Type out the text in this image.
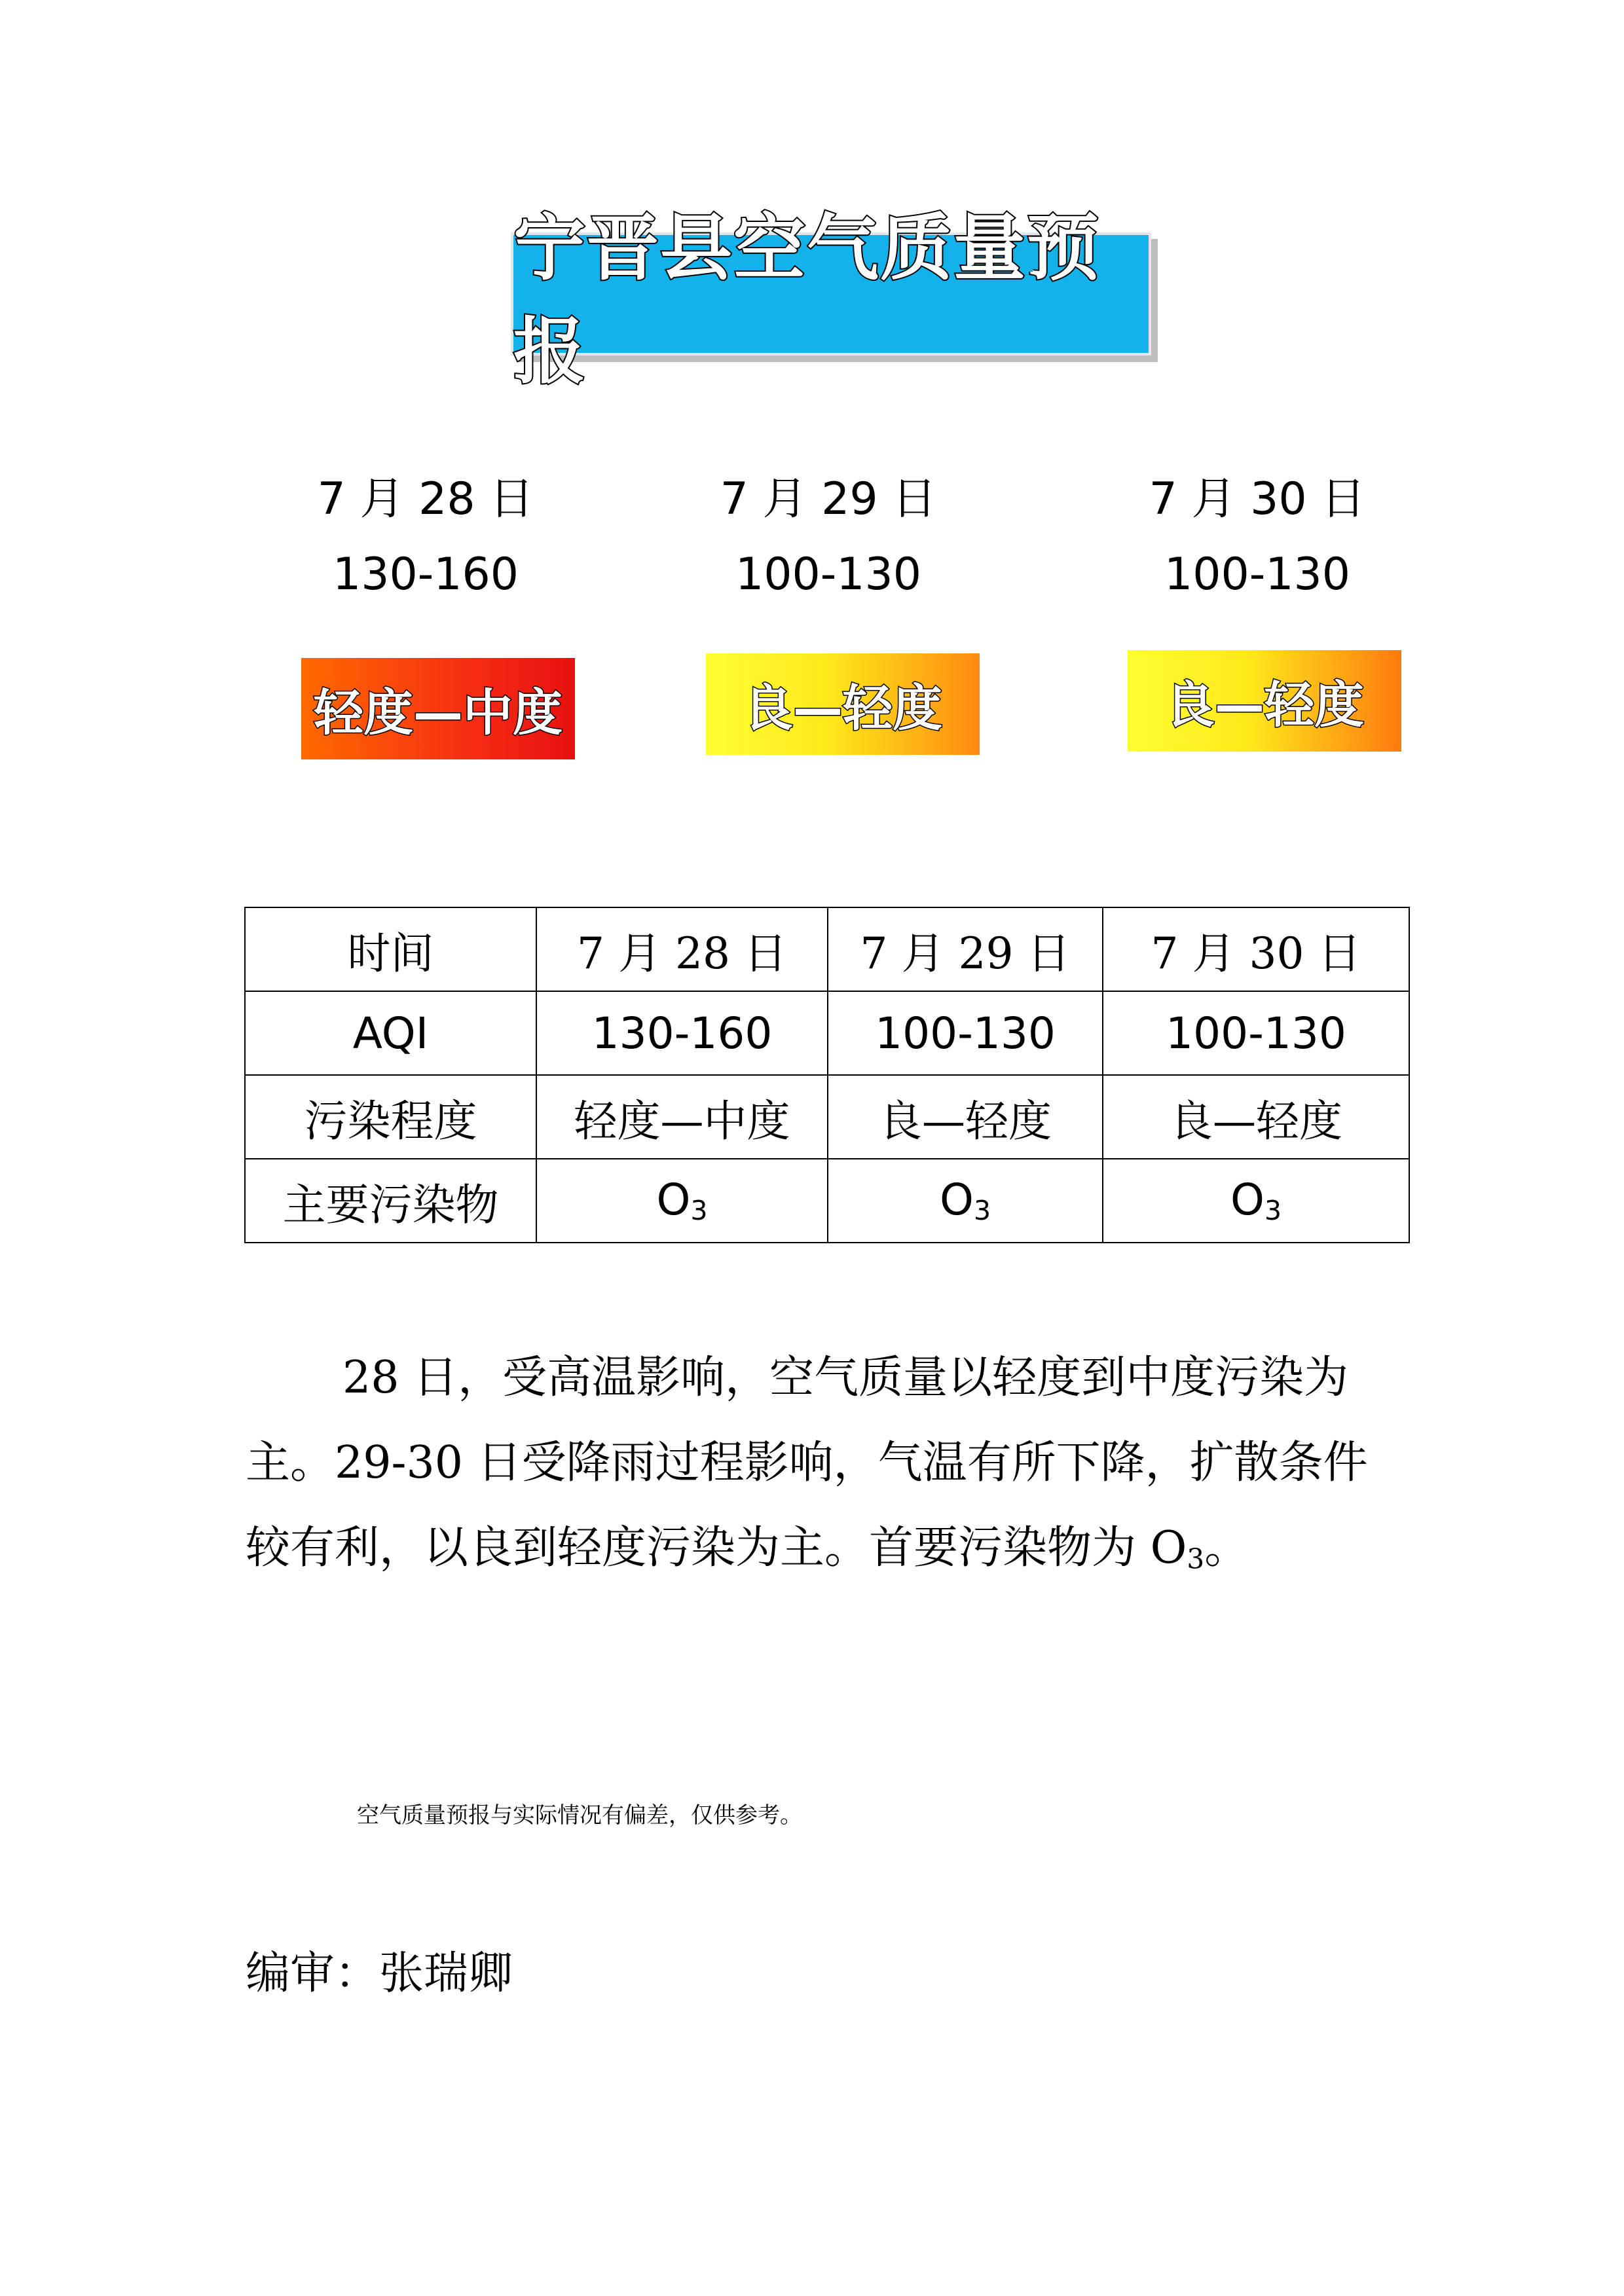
宁晋县空气质量预报
7 月 28 日
130-160
7 月 29 日
100-130
7 月 30 日
100-130
轻度—中度	良—轻度	良—轻度
时间	7 月 28 日	7 月 29 日	7 月 30 日
AQI	130-160	100-130	100-130
污染程度	轻度—中度	良—轻度	良—轻度
主要污染物	$O_3$	$O_3$	$O_3$
28 日，受高温影响，空气质量以轻度到中度污染为主。29-30 日受降雨过程影响，气温有所下降，扩散条件较有利，以良到轻度污染为主。首要污染物为 $O_3$。
空气质量预报与实际情况有偏差，仅供参考。
编审：张瑞卿
